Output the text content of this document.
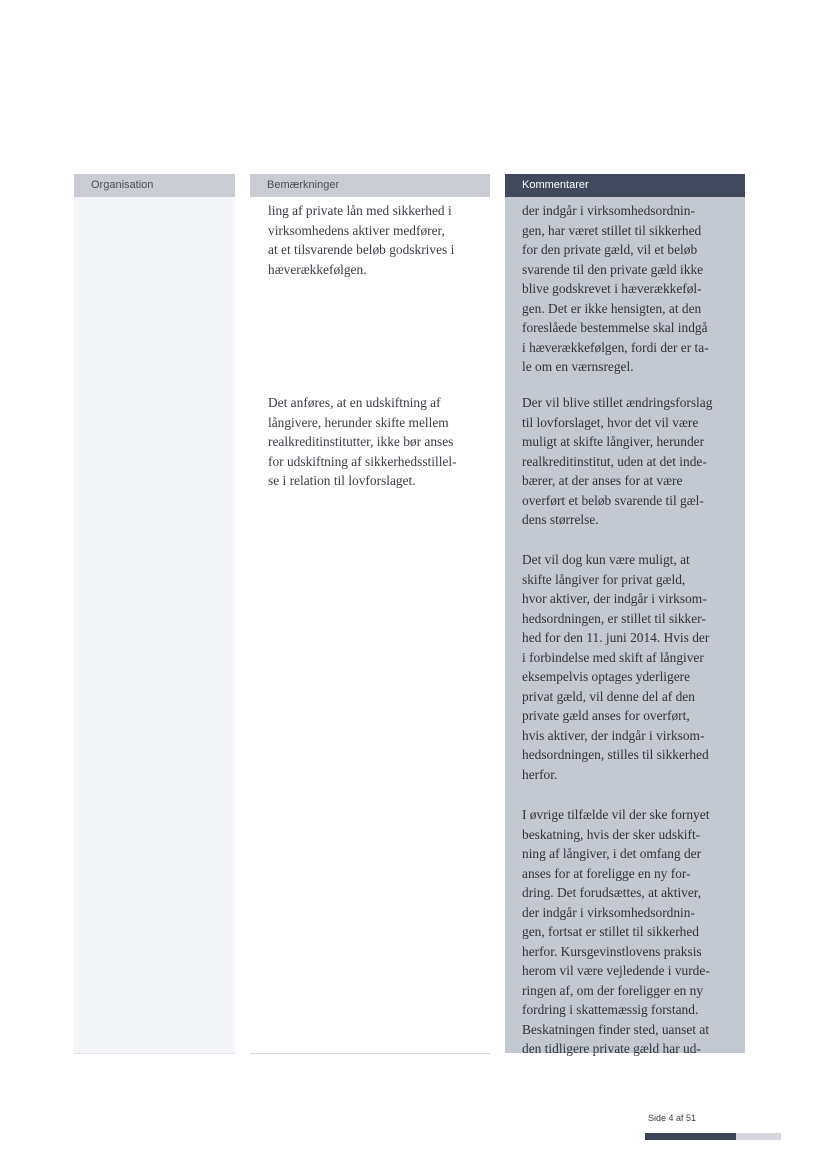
Organisation	Bemærkninger	Kommentarer

ling af private lån med sikkerhed i
virksomhedens aktiver medfører,
at et tilsvarende beløb godskrives i
hæverækkefølgen.

Det anføres, at en udskiftning af
långivere, herunder skifte mellem
realkreditinstitutter, ikke bør anses
for udskiftning af sikkerhedsstillel-
se i relation til lovforslaget.

der indgår i virksomhedsordnin-
gen, har været stillet til sikkerhed
for den private gæld, vil et beløb
svarende til den private gæld ikke
blive godskrevet i hæverækkeføl-
gen. Det er ikke hensigten, at den
foreslåede bestemmelse skal indgå
i hæverækkefølgen, fordi der er ta-
le om en værnsregel.

Der vil blive stillet ændringsforslag
til lovforslaget, hvor det vil være
muligt at skifte långiver, herunder
realkreditinstitut, uden at det inde-
bærer, at der anses for at være
overført et beløb svarende til gæl-
dens størrelse.

Det vil dog kun være muligt, at
skifte långiver for privat gæld,
hvor aktiver, der indgår i virksom-
hedsordningen, er stillet til sikker-
hed for den 11. juni 2014. Hvis der
i forbindelse med skift af långiver
eksempelvis optages yderligere
privat gæld, vil denne del af den
private gæld anses for overført,
hvis aktiver, der indgår i virksom-
hedsordningen, stilles til sikkerhed
herfor.

I øvrige tilfælde vil der ske fornyet
beskatning, hvis der sker udskift-
ning af långiver, i det omfang der
anses for at foreligge en ny for-
dring. Det forudsættes, at aktiver,
der indgår i virksomhedsordnin-
gen, fortsat er stillet til sikkerhed
herfor. Kursgevinstlovens praksis
herom vil være vejledende i vurde-
ringen af, om der foreligger en ny
fordring i skattemæssig forstand.
Beskatningen finder sted, uanset at
den tidligere private gæld har ud-

Side 4 af 51
